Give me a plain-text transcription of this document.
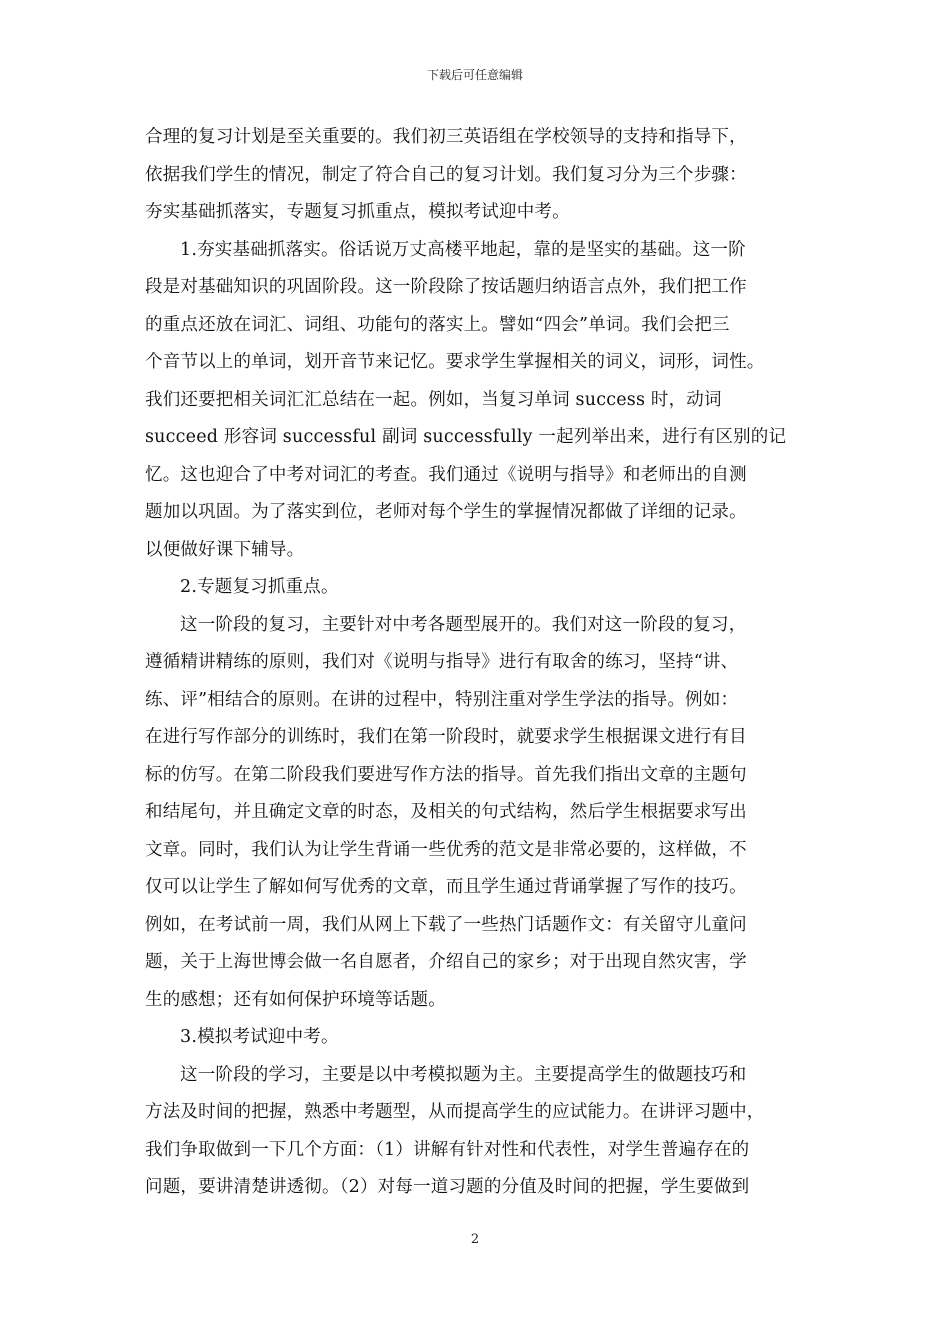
下载后可任意编辑
合理的复习计划是至关重要的。我们初三英语组在学校领导的支持和指导下，
依据我们学生的情况，制定了符合自己的复习计划。我们复习分为三个步骤：
夯实基础抓落实，专题复习抓重点，模拟考试迎中考。
1.夯实基础抓落实。俗话说万丈高楼平地起，靠的是坚实的基础。这一阶
段是对基础知识的巩固阶段。这一阶段除了按话题归纳语言点外，我们把工作
的重点还放在词汇、词组、功能句的落实上。譬如“四会”单词。我们会把三
个音节以上的单词，划开音节来记忆。要求学生掌握相关的词义，词形，词性。
我们还要把相关词汇汇总结在一起。例如，当复习单词 success 时，动词
succeed 形容词 successful 副词 successfully 一起列举出来，进行有区别的记
忆。这也迎合了中考对词汇的考查。我们通过《说明与指导》和老师出的自测
题加以巩固。为了落实到位，老师对每个学生的掌握情况都做了详细的记录。
以便做好课下辅导。
2.专题复习抓重点。
这一阶段的复习，主要针对中考各题型展开的。我们对这一阶段的复习，
遵循精讲精练的原则，我们对《说明与指导》进行有取舍的练习，坚持“讲、
练、评”相结合的原则。在讲的过程中，特别注重对学生学法的指导。例如：
在进行写作部分的训练时，我们在第一阶段时，就要求学生根据课文进行有目
标的仿写。在第二阶段我们要进写作方法的指导。首先我们指出文章的主题句
和结尾句，并且确定文章的时态，及相关的句式结构，然后学生根据要求写出
文章。同时，我们认为让学生背诵一些优秀的范文是非常必要的，这样做，不
仅可以让学生了解如何写优秀的文章，而且学生通过背诵掌握了写作的技巧。
例如，在考试前一周，我们从网上下载了一些热门话题作文：有关留守儿童问
题，关于上海世博会做一名自愿者，介绍自己的家乡；对于出现自然灾害，学
生的感想；还有如何保护环境等话题。
3.模拟考试迎中考。
这一阶段的学习，主要是以中考模拟题为主。主要提高学生的做题技巧和
方法及时间的把握，熟悉中考题型，从而提高学生的应试能力。在讲评习题中，
我们争取做到一下几个方面：（1）讲解有针对性和代表性，对学生普遍存在的
问题，要讲清楚讲透彻。（2）对每一道习题的分值及时间的把握，学生要做到
2
